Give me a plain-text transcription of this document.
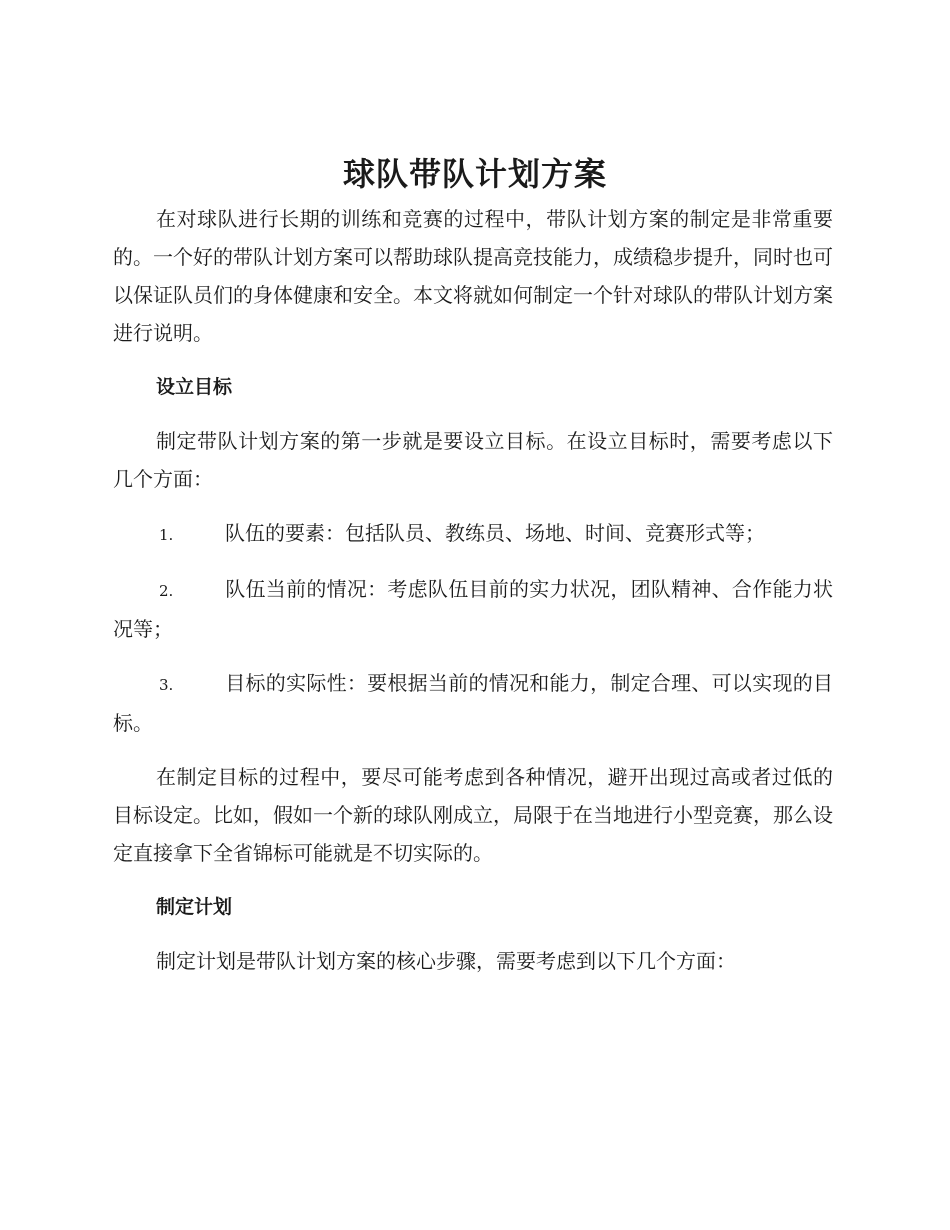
球队带队计划方案

在对球队进行长期的训练和竞赛的过程中，带队计划方案的制定是非常重要的。一个好的带队计划方案可以帮助球队提高竞技能力，成绩稳步提升，同时也可以保证队员们的身体健康和安全。本文将就如何制定一个针对球队的带队计划方案进行说明。

设立目标

制定带队计划方案的第一步就是要设立目标。在设立目标时，需要考虑以下几个方面：

1.	队伍的要素：包括队员、教练员、场地、时间、竞赛形式等；

2.	队伍当前的情况：考虑队伍目前的实力状况，团队精神、合作能力状况等；

3.	目标的实际性：要根据当前的情况和能力，制定合理、可以实现的目标。

在制定目标的过程中，要尽可能考虑到各种情况，避开出现过高或者过低的目标设定。比如，假如一个新的球队刚成立，局限于在当地进行小型竞赛，那么设定直接拿下全省锦标可能就是不切实际的。

制定计划

制定计划是带队计划方案的核心步骤，需要考虑到以下几个方面：
